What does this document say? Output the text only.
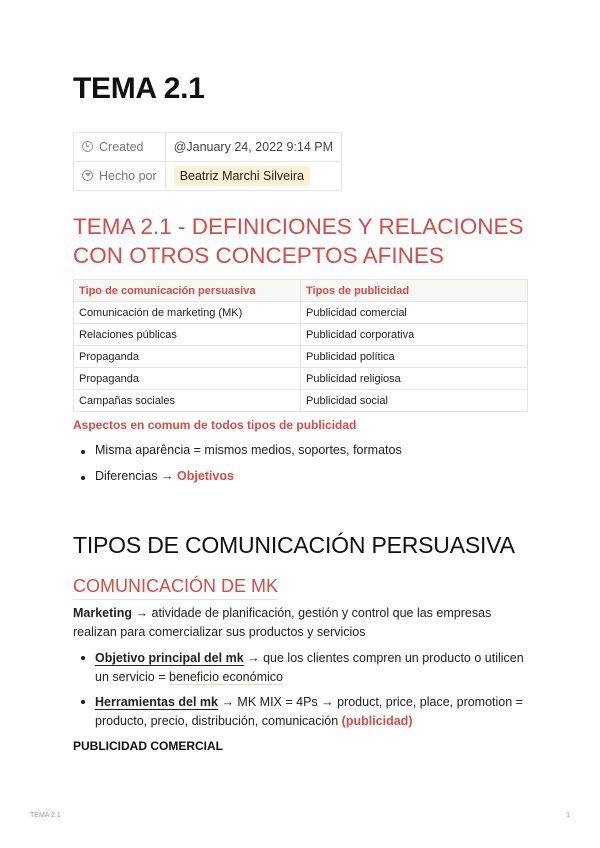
TEMA 2.1
Created	@January 24, 2022 9:14 PM
Hecho por	Beatriz Marchi Silveira
TEMA 2.1 - DEFINICIONES Y RELACIONES CON OTROS CONCEPTOS AFINES
Tipo de comunicación persuasiva	Tipos de publicidad
Comunicación de marketing (MK)	Publicidad comercial
Relaciones públicas	Publicidad corporativa
Propaganda	Publicidad política
Propaganda	Publicidad religiosa
Campañas sociales	Publicidad social
Aspectos en comum de todos tipos de publicidad
Misma aparência = mismos medios, soportes, formatos
Diferencias → Objetivos
TIPOS DE COMUNICACIÓN PERSUASIVA
COMUNICACIÓN DE MK

Marketing → atividade de planificación, gestión y control que las empresas realizan para comercializar sus productos y servicios

Objetivo principal del mk → que los clientes compren un producto o utilicen un servicio = beneficio económico
Herramientas del mk → MK MIX = 4Ps → product, price, place, promotion = producto, precio, distribución, comunicación (publicidad)
PUBLICIDAD COMERCIAL
TEMA 2.1	1
